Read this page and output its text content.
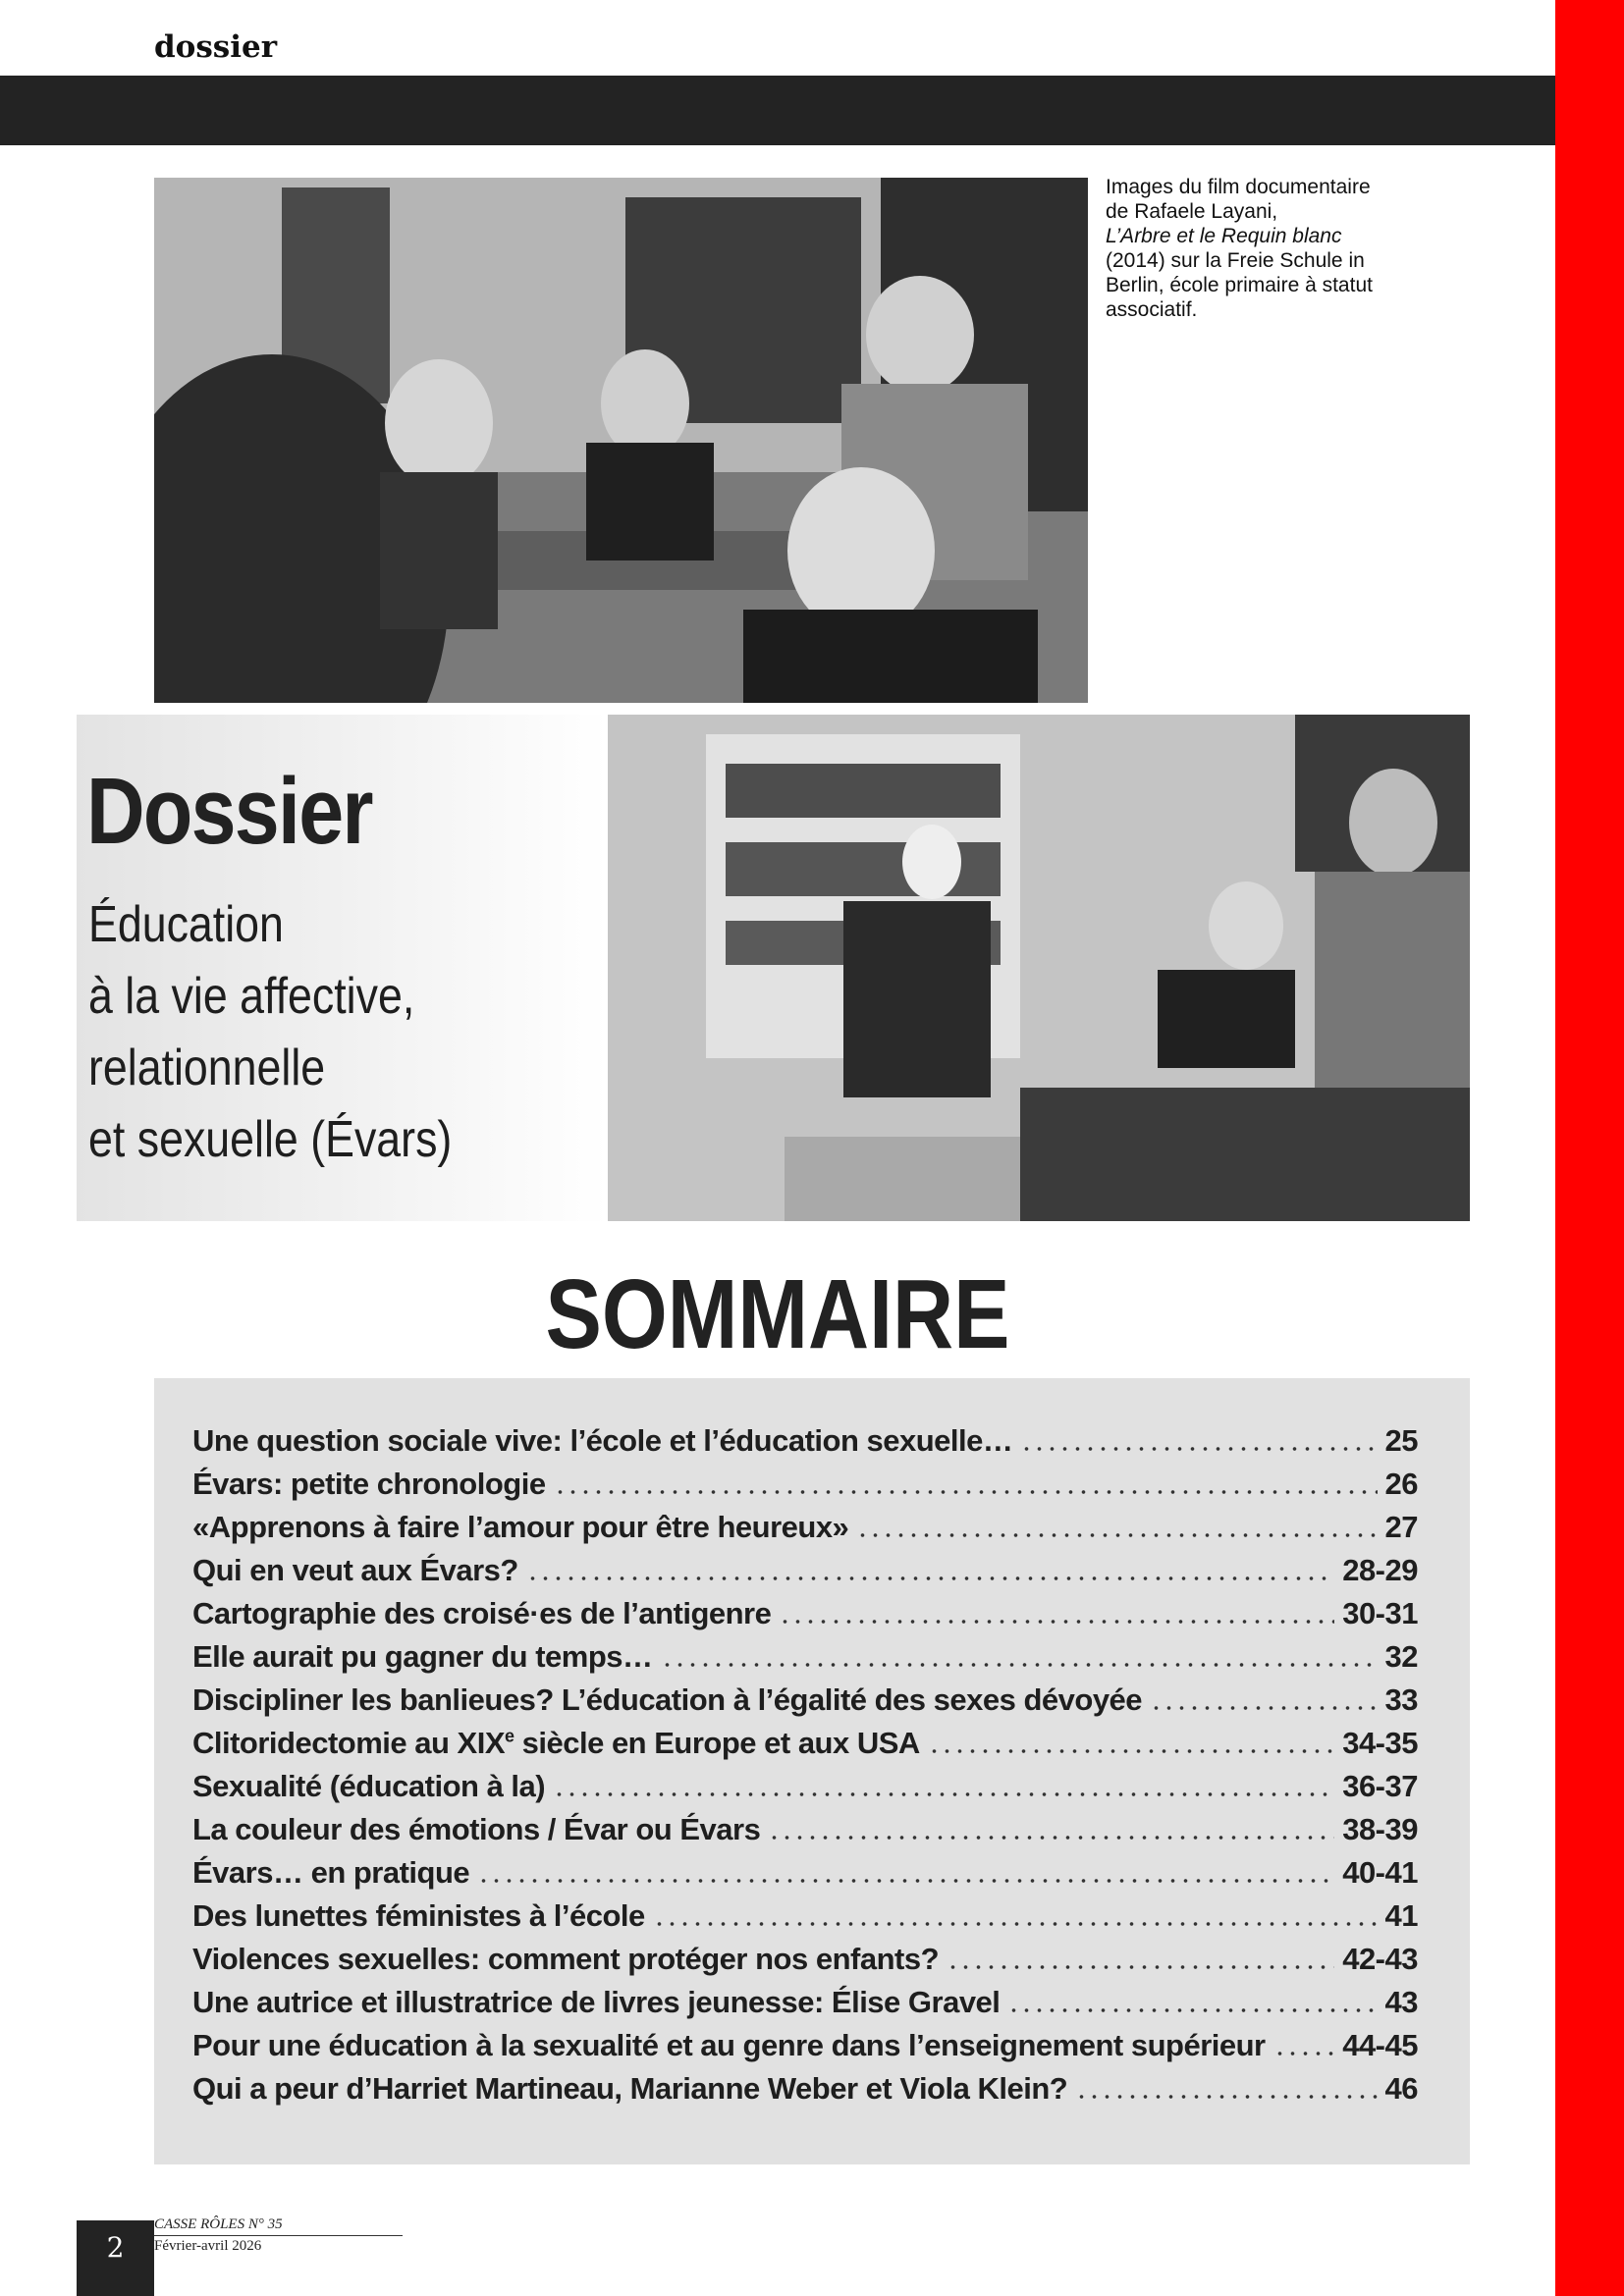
dossier
Images du film documentaire
de Rafaele Layani,
L’Arbre et le Requin blanc
(2014) sur la Freie Schule in
Berlin, école primaire à statut
associatif.
Dossier
Éducation
à la vie affective,
relationnelle
et sexuelle (Évars)
SOMMAIRE
Une question sociale vive: l’école et l’éducation sexuelle…	25
Évars: petite chronologie	26
«Apprenons à faire l’amour pour être heureux»	27
Qui en veut aux Évars?	28-29
Cartographie des croisé·es de l’antigenre	30-31
Elle aurait pu gagner du temps…	32
Discipliner les banlieues? L’éducation à l’égalité des sexes dévoyée	33
Clitoridectomie au XIXe siècle en Europe et aux USA	34-35
Sexualité (éducation à la)	36-37
La couleur des émotions / Évar ou Évars	38-39
Évars… en pratique	40-41
Des lunettes féministes à l’école	41
Violences sexuelles: comment protéger nos enfants?	42-43
Une autrice et illustratrice de livres jeunesse: Élise Gravel	43
Pour une éducation à la sexualité et au genre dans l’enseignement supérieur	44-45
Qui a peur d’Harriet Martineau, Marianne Weber et Viola Klein?	46
2
CASSE RÔLES N° 35
Février-avril 2026
